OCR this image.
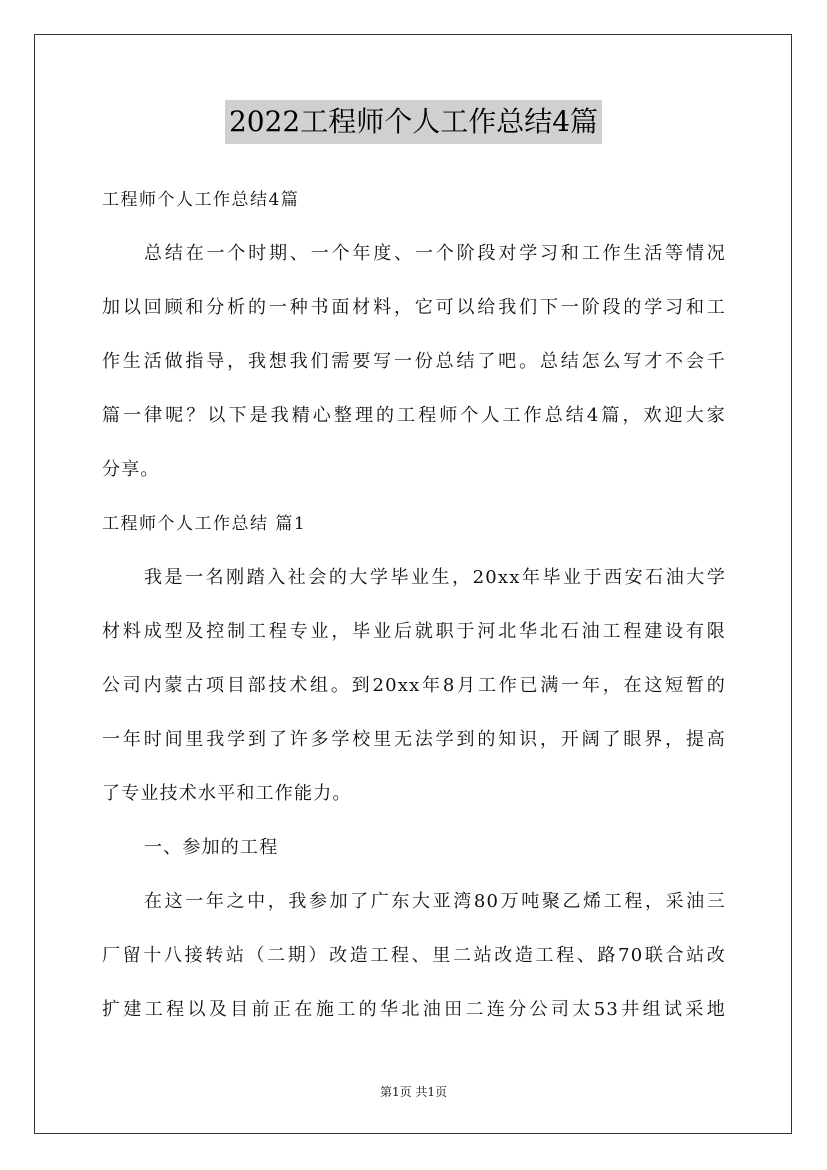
2022工程师个人工作总结4篇
工程师个人工作总结4篇
总结在一个时期、一个年度、一个阶段对学习和工作生活等情况
加以回顾和分析的一种书面材料，它可以给我们下一阶段的学习和工
作生活做指导，我想我们需要写一份总结了吧。总结怎么写才不会千
篇一律呢？以下是我精心整理的工程师个人工作总结4篇，欢迎大家
分享。
工程师个人工作总结 篇1
我是一名刚踏入社会的大学毕业生，20xx年毕业于西安石油大学
材料成型及控制工程专业，毕业后就职于河北华北石油工程建设有限
公司内蒙古项目部技术组。到20xx年8月工作已满一年，在这短暂的
一年时间里我学到了许多学校里无法学到的知识，开阔了眼界，提高
了专业技术水平和工作能力。
一、参加的工程
在这一年之中，我参加了广东大亚湾80万吨聚乙烯工程，采油三
厂留十八接转站（二期）改造工程、里二站改造工程、路70联合站改
扩建工程以及目前正在施工的华北油田二连分公司太53井组试采地
第1页 共1页
